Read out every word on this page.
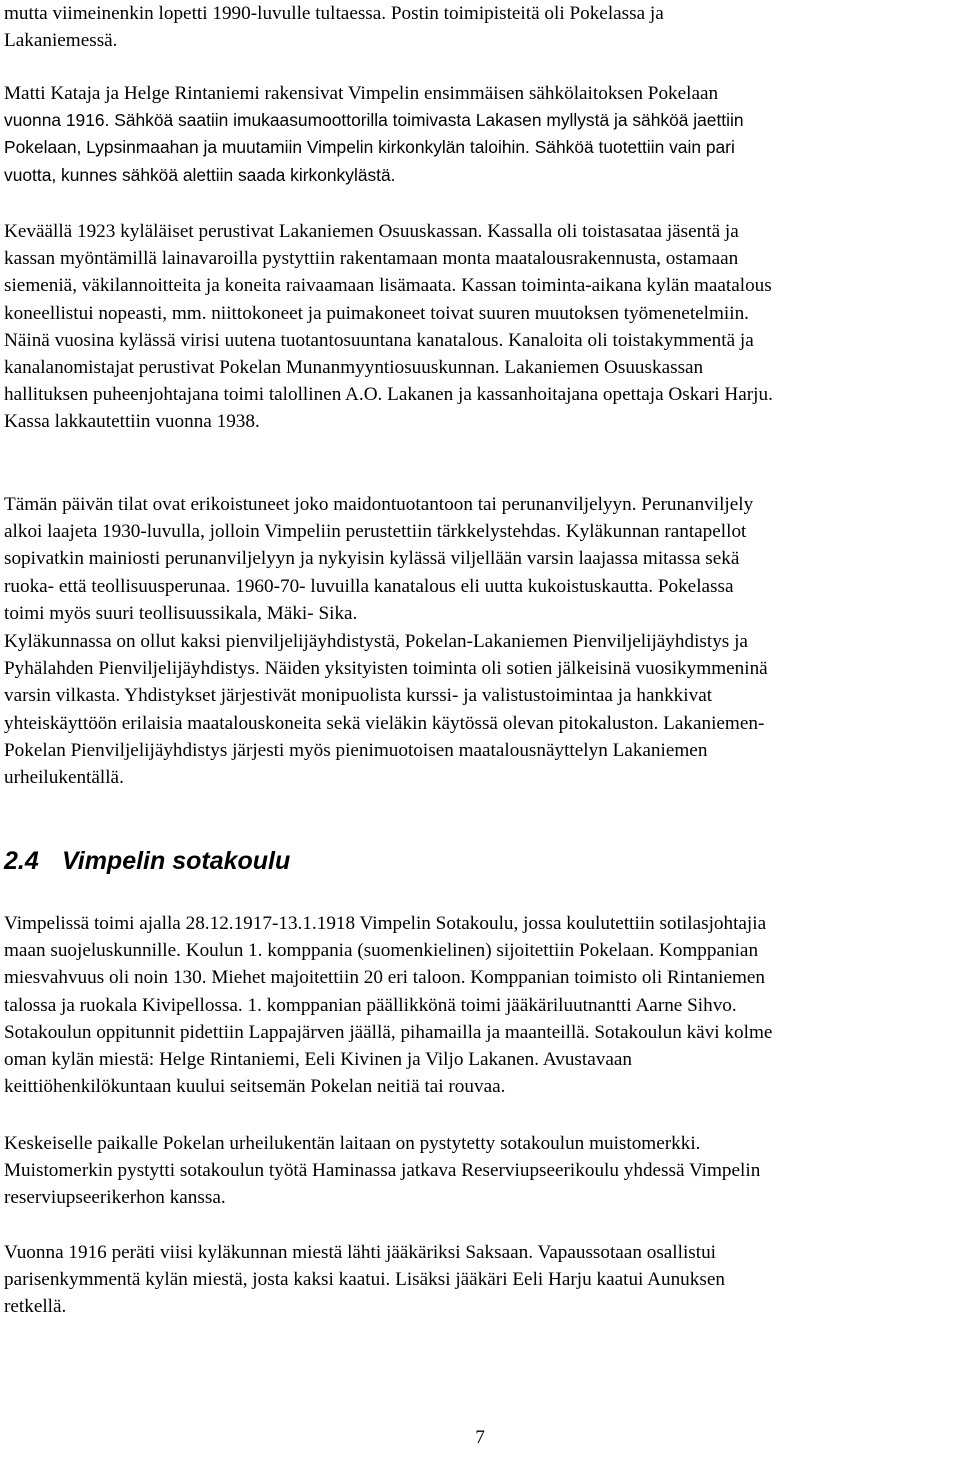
mutta viimeinenkin lopetti 1990-luvulle tultaessa. Postin toimipisteitä oli Pokelassa ja
Lakaniemessä.

Matti Kataja ja Helge Rintaniemi rakensivat Vimpelin ensimmäisen sähkölaitoksen Pokelaan
vuonna 1916. Sähköä saatiin imukaasumoottorilla toimivasta Lakasen myllystä ja sähköä jaettiin
Pokelaan, Lypsinmaahan ja muutamiin Vimpelin kirkonkylän taloihin. Sähköä tuotettiin vain pari
vuotta, kunnes sähköä alettiin saada kirkonkylästä.

Keväällä 1923 kyläläiset perustivat Lakaniemen Osuuskassan. Kassalla oli toistasataa jäsentä ja
kassan myöntämillä lainavaroilla pystyttiin rakentamaan monta maatalousrakennusta, ostamaan
siemeniä, väkilannoitteita ja koneita raivaamaan lisämaata. Kassan toiminta-aikana kylän maatalous
koneellistui nopeasti, mm. niittokoneet ja puimakoneet toivat suuren muutoksen työmenetelmiin.
Näinä vuosina kylässä virisi uutena tuotantosuuntana kanatalous. Kanaloita oli toistakymmentä ja
kanalanomistajat perustivat Pokelan Munanmyyntiosuuskunnan. Lakaniemen Osuuskassan
hallituksen puheenjohtajana toimi talollinen A.O. Lakanen ja kassanhoitajana opettaja Oskari Harju.
Kassa lakkautettiin vuonna 1938.

Tämän päivän tilat ovat erikoistuneet joko maidontuotantoon tai perunanviljelyyn. Perunanviljely
alkoi laajeta 1930-luvulla, jolloin Vimpeliin perustettiin tärkkelystehdas. Kyläkunnan rantapellot
sopivatkin mainiosti perunanviljelyyn ja nykyisin kylässä viljellään varsin laajassa mitassa sekä
ruoka- että teollisuusperunaa. 1960-70- luvuilla kanatalous eli uutta kukoistuskautta. Pokelassa
toimi myös suuri teollisuussikala, Mäki- Sika.

Kyläkunnassa on ollut kaksi pienviljelijäyhdistystä, Pokelan-Lakaniemen Pienviljelijäyhdistys ja
Pyhälahden Pienviljelijäyhdistys. Näiden yksityisten toiminta oli sotien jälkeisinä vuosikymmeninä
varsin vilkasta. Yhdistykset järjestivät monipuolista kurssi- ja valistustoimintaa ja hankkivat
yhteiskäyttöön erilaisia maatalouskoneita sekä vieläkin käytössä olevan pitokaluston. Lakaniemen-
Pokelan Pienviljelijäyhdistys järjesti myös pienimuotoisen maatalousnäyttelyn Lakaniemen
urheilukentällä.

2.4 Vimpelin sotakoulu

Vimpelissä toimi ajalla 28.12.1917-13.1.1918 Vimpelin Sotakoulu, jossa koulutettiin sotilasjohtajia
maan suojeluskunnille. Koulun 1. komppania (suomenkielinen) sijoitettiin Pokelaan. Komppanian
miesvahvuus oli noin 130. Miehet majoitettiin 20 eri taloon. Komppanian toimisto oli Rintaniemen
talossa ja ruokala Kivipellossa. 1. komppanian päällikkönä toimi jääkäriluutnantti Aarne Sihvo.
Sotakoulun oppitunnit pidettiin Lappajärven jäällä, pihamailla ja maanteillä. Sotakoulun kävi kolme
oman kylän miestä: Helge Rintaniemi, Eeli Kivinen ja Viljo Lakanen. Avustavaan
keittiöhenkilökuntaan kuului seitsemän Pokelan neitiä tai rouvaa.

Keskeiselle paikalle Pokelan urheilukentän laitaan on pystytetty sotakoulun muistomerkki.
Muistomerkin pystytti sotakoulun työtä Haminassa jatkava Reserviupseerikoulu yhdessä Vimpelin
reserviupseerikerhon kanssa.

Vuonna 1916 peräti viisi kyläkunnan miestä lähti jääkäriksi Saksaan. Vapaussotaan osallistui
parisenkymmentä kylän miestä, josta kaksi kaatui. Lisäksi jääkäri Eeli Harju kaatui Aunuksen
retkellä.

7
